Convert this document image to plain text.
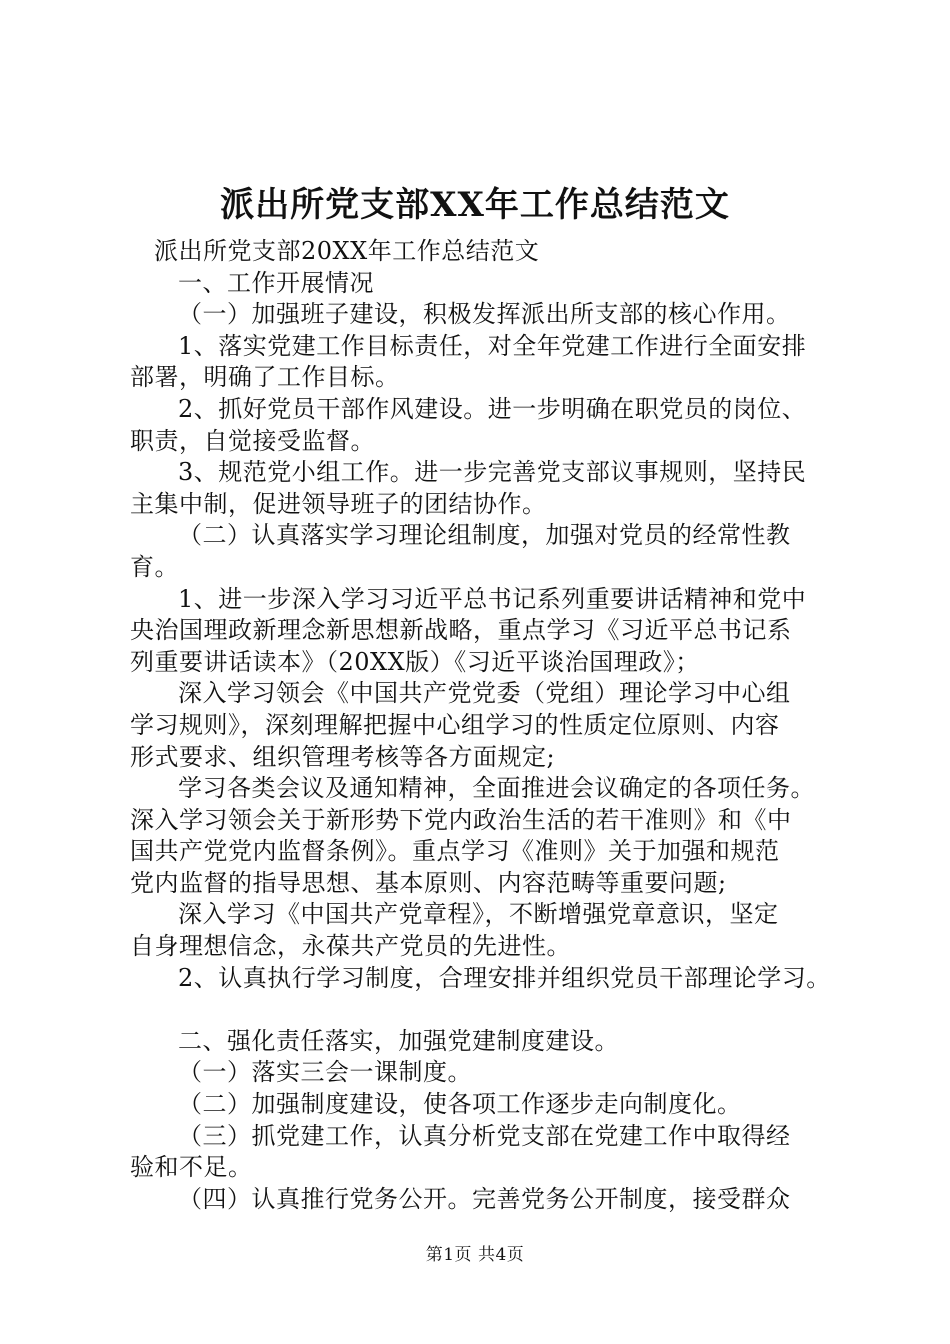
派出所党支部XX年工作总结范文

派出所党支部20XX年工作总结范文

一、工作开展情况

（一）加强班子建设，积极发挥派出所支部的核心作用。

1、落实党建工作目标责任，对全年党建工作进行全面安排

部署，明确了工作目标。

2、抓好党员干部作风建设。进一步明确在职党员的岗位、

职责，自觉接受监督。

3、规范党小组工作。进一步完善党支部议事规则，坚持民

主集中制，促进领导班子的团结协作。

（二）认真落实学习理论组制度，加强对党员的经常性教

育。

1、进一步深入学习习近平总书记系列重要讲话精神和党中

央治国理政新理念新思想新战略，重点学习《习近平总书记系

列重要讲话读本》（20XX版）《习近平谈治国理政》；

深入学习领会《中国共产党党委（党组）理论学习中心组

学习规则》，深刻理解把握中心组学习的性质定位原则、内容

形式要求、组织管理考核等各方面规定;

学习各类会议及通知精神，全面推进会议确定的各项任务。

深入学习领会关于新形势下党内政治生活的若干准则》和《中

国共产党党内监督条例》。重点学习《准则》关于加强和规范

党内监督的指导思想、基本原则、内容范畴等重要问题;

深入学习《中国共产党章程》，不断增强党章意识，坚定

自身理想信念，永葆共产党员的先进性。

2、认真执行学习制度，合理安排并组织党员干部理论学习。

二、强化责任落实，加强党建制度建设。

（一）落实三会一课制度。

（二）加强制度建设，使各项工作逐步走向制度化。

（三）抓党建工作，认真分析党支部在党建工作中取得经

验和不足。

（四）认真推行党务公开。完善党务公开制度，接受群众

第1页 共4页
